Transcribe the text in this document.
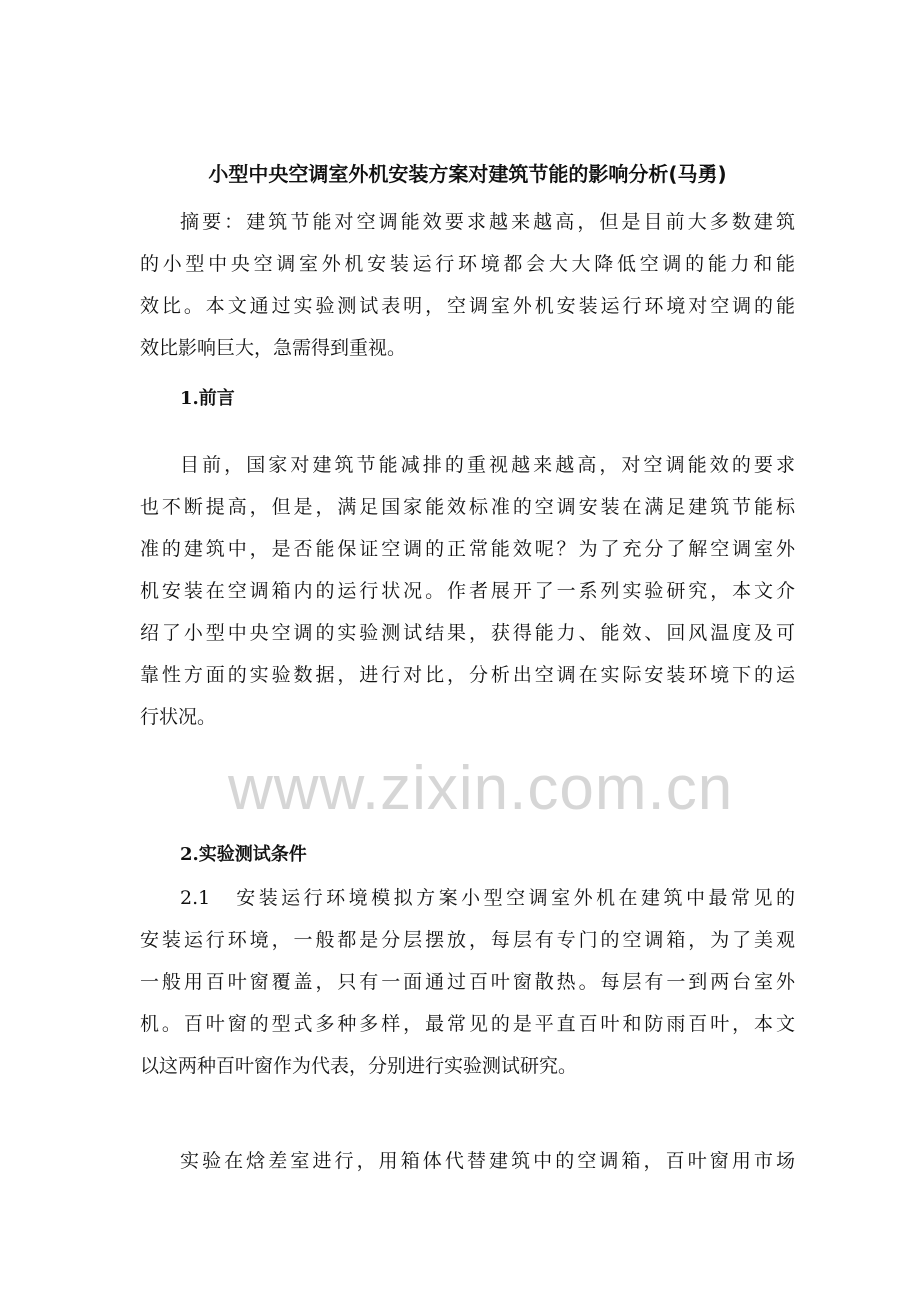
小型中央空调室外机安装方案对建筑节能的影响分析(马勇)
摘要：建筑节能对空调能效要求越来越高，但是目前大多数建筑
的小型中央空调室外机安装运行环境都会大大降低空调的能力和能
效比。本文通过实验测试表明，空调室外机安装运行环境对空调的能
效比影响巨大，急需得到重视。
1.前言
目前，国家对建筑节能减排的重视越来越高，对空调能效的要求
也不断提高，但是，满足国家能效标准的空调安装在满足建筑节能标
准的建筑中，是否能保证空调的正常能效呢？为了充分了解空调室外
机安装在空调箱内的运行状况。作者展开了一系列实验研究，本文介
绍了小型中央空调的实验测试结果，获得能力、能效、回风温度及可
靠性方面的实验数据，进行对比，分析出空调在实际安装环境下的运
行状况。
www.zixin.com.cn
2.实验测试条件
2.1　安装运行环境模拟方案小型空调室外机在建筑中最常见的
安装运行环境，一般都是分层摆放，每层有专门的空调箱，为了美观
一般用百叶窗覆盖，只有一面通过百叶窗散热。每层有一到两台室外
机。百叶窗的型式多种多样，最常见的是平直百叶和防雨百叶，本文
以这两种百叶窗作为代表，分别进行实验测试研究。
实验在焓差室进行，用箱体代替建筑中的空调箱，百叶窗用市场
